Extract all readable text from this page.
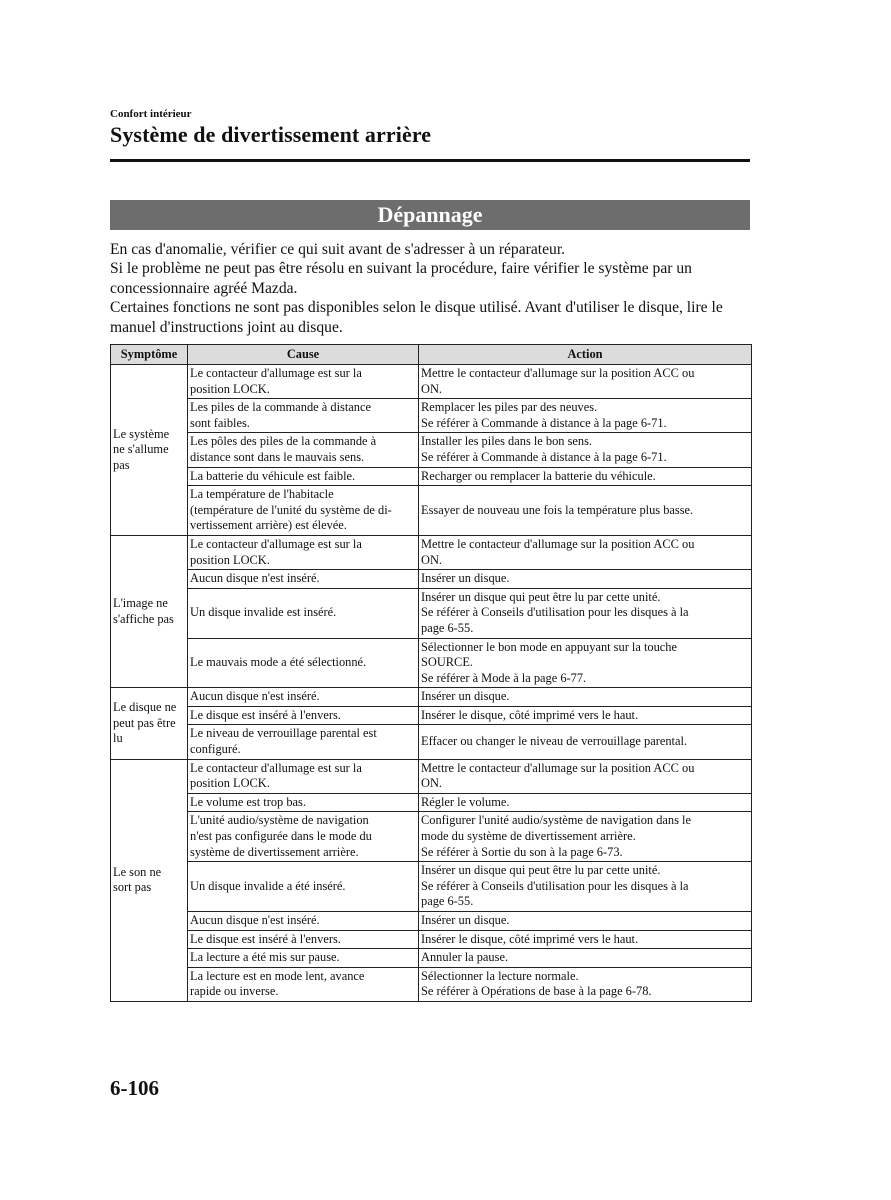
Confort intérieur
Système de divertissement arrière
Dépannage

En cas d'anomalie, vérifier ce qui suit avant de s'adresser à un réparateur.

Si le problème ne peut pas être résolu en suivant la procédure, faire vérifier le système par un concessionnaire agréé Mazda.

Certaines fonctions ne sont pas disponibles selon le disque utilisé. Avant d'utiliser le disque, lire le manuel d'instructions joint au disque.

Symptôme	Cause	Action

Le système
ne s'allume
pas	Le contacteur d'allumage est sur la
position LOCK.	Mettre le contacteur d'allumage sur la position ACC ou
ON.

	Les piles de la commande à distance
sont faibles.	Remplacer les piles par des neuves.
Se référer à Commande à distance à la page 6-71.

	Les pôles des piles de la commande à
distance sont dans le mauvais sens.	Installer les piles dans le bon sens.
Se référer à Commande à distance à la page 6-71.

	La batterie du véhicule est faible.	Recharger ou remplacer la batterie du véhicule.

	La température de l'habitacle
(température de l'unité du système de di-
vertissement arrière) est élevée.	Essayer de nouveau une fois la température plus basse.

L'image ne
s'affiche pas	Le contacteur d'allumage est sur la
position LOCK.	Mettre le contacteur d'allumage sur la position ACC ou
ON.

	Aucun disque n'est inséré.	Insérer un disque.

	Un disque invalide est inséré.	Insérer un disque qui peut être lu par cette unité.
Se référer à Conseils d'utilisation pour les disques à la
page 6-55.

	Le mauvais mode a été sélectionné.	Sélectionner le bon mode en appuyant sur la touche
SOURCE.
Se référer à Mode à la page 6-77.

Le disque ne
peut pas être
lu	Aucun disque n'est inséré.	Insérer un disque.

	Le disque est inséré à l'envers.	Insérer le disque, côté imprimé vers le haut.

	Le niveau de verrouillage parental est
configuré.	Effacer ou changer le niveau de verrouillage parental.

Le son ne
sort pas	Le contacteur d'allumage est sur la
position LOCK.	Mettre le contacteur d'allumage sur la position ACC ou
ON.

	Le volume est trop bas.	Régler le volume.

	L'unité audio/système de navigation
n'est pas configurée dans le mode du
système de divertissement arrière.	Configurer l'unité audio/système de navigation dans le
mode du système de divertissement arrière.
Se référer à Sortie du son à la page 6-73.

	Un disque invalide a été inséré.	Insérer un disque qui peut être lu par cette unité.
Se référer à Conseils d'utilisation pour les disques à la
page 6-55.

	Aucun disque n'est inséré.	Insérer un disque.

	Le disque est inséré à l'envers.	Insérer le disque, côté imprimé vers le haut.

	La lecture a été mis sur pause.	Annuler la pause.

	La lecture est en mode lent, avance
rapide ou inverse.	Sélectionner la lecture normale.
Se référer à Opérations de base à la page 6-78.
6-106
